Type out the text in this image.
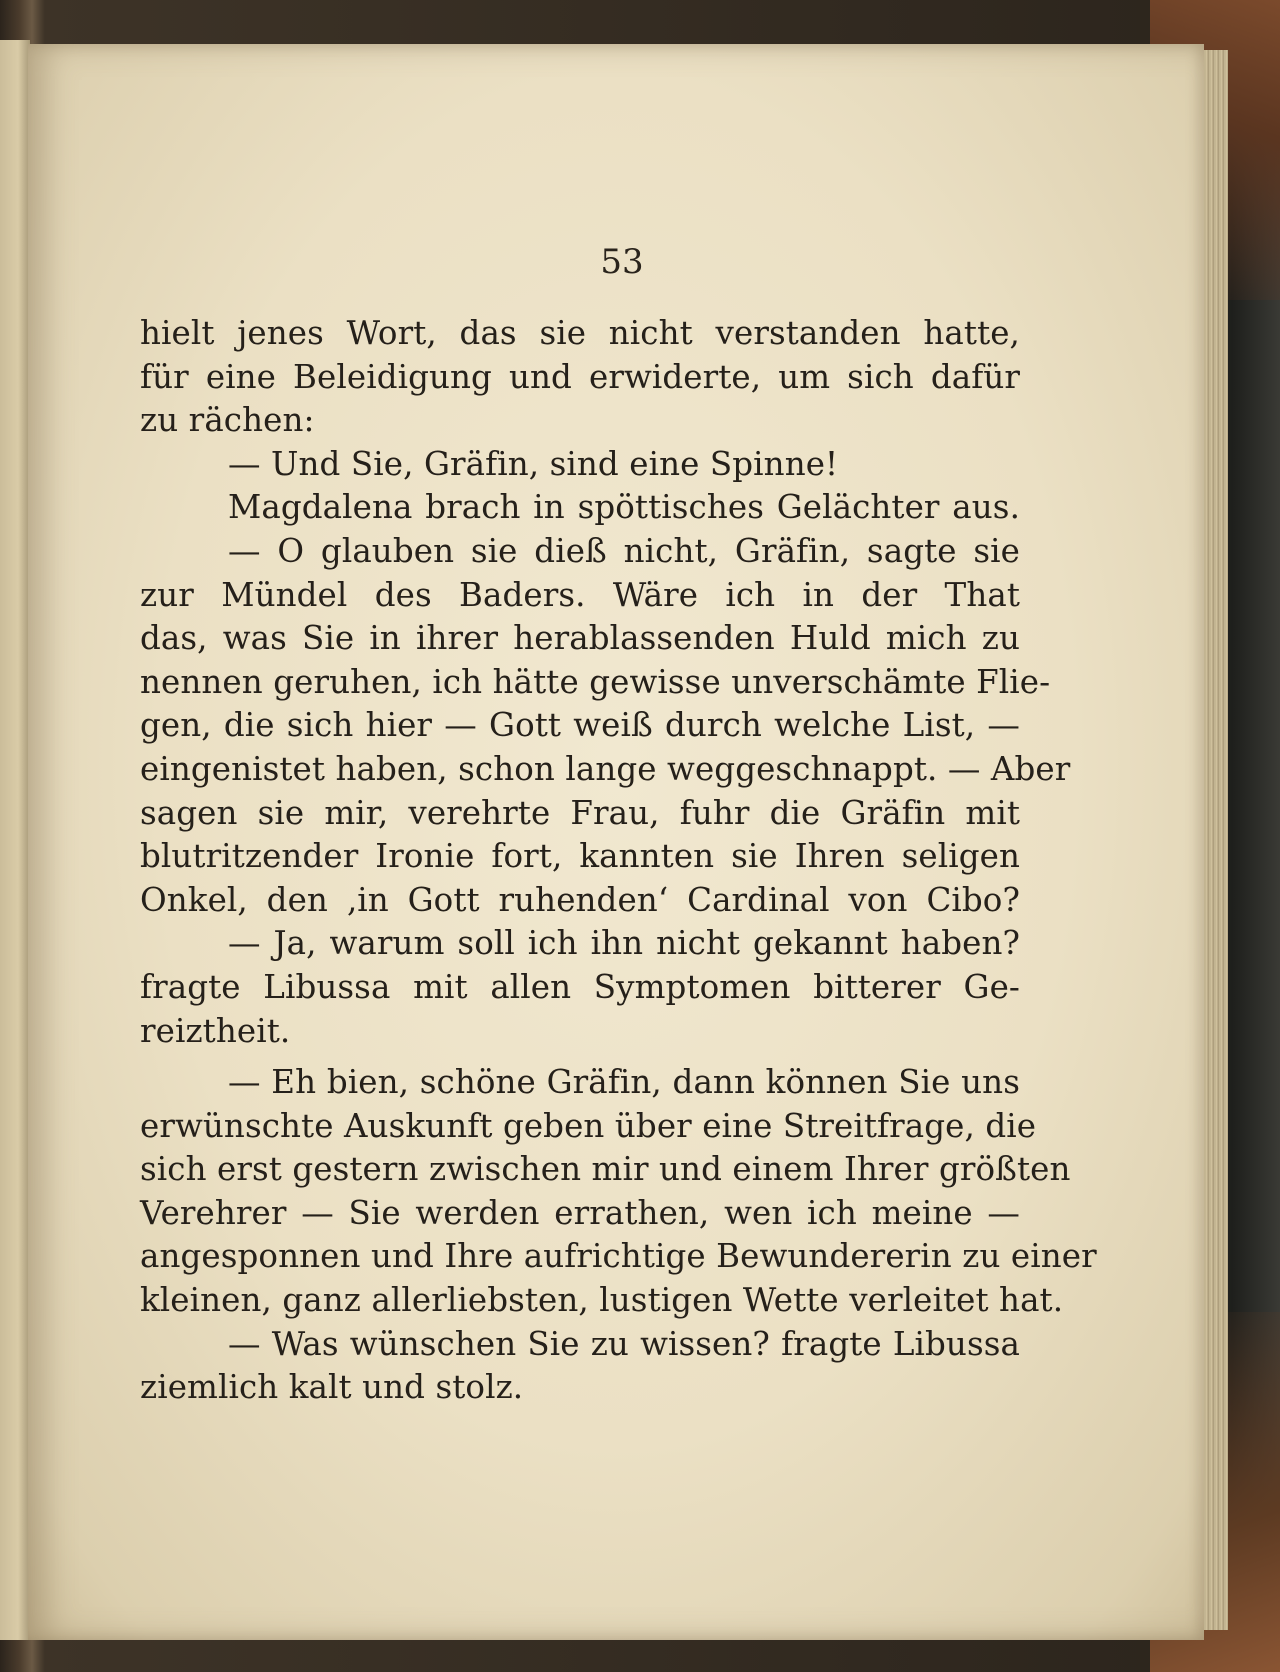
53
hielt jenes Wort, das sie nicht verstanden hatte,
für eine Beleidigung und erwiderte, um sich dafür
zu rächen:
— Und Sie, Gräfin, sind eine Spinne!
Magdalena brach in spöttisches Gelächter aus.
— O glauben sie dieß nicht, Gräfin, sagte sie
zur Mündel des Baders. Wäre ich in der That
das, was Sie in ihrer herablassenden Huld mich zu
nennen geruhen, ich hätte gewisse unverschämte Flie-
gen, die sich hier — Gott weiß durch welche List, —
eingenistet haben, schon lange weggeschnappt. — Aber
sagen sie mir, verehrte Frau, fuhr die Gräfin mit
blutritzender Ironie fort, kannten sie Ihren seligen
Onkel, den ‚in Gott ruhenden‘ Cardinal von Cibo?
— Ja, warum soll ich ihn nicht gekannt haben?
fragte Libussa mit allen Symptomen bitterer Ge-
reiztheit.
— Eh bien, schöne Gräfin, dann können Sie uns
erwünschte Auskunft geben über eine Streitfrage, die
sich erst gestern zwischen mir und einem Ihrer größten
Verehrer — Sie werden errathen, wen ich meine —
angesponnen und Ihre aufrichtige Bewundererin zu einer
kleinen, ganz allerliebsten, lustigen Wette verleitet hat.
— Was wünschen Sie zu wissen? fragte Libussa
ziemlich kalt und stolz.
